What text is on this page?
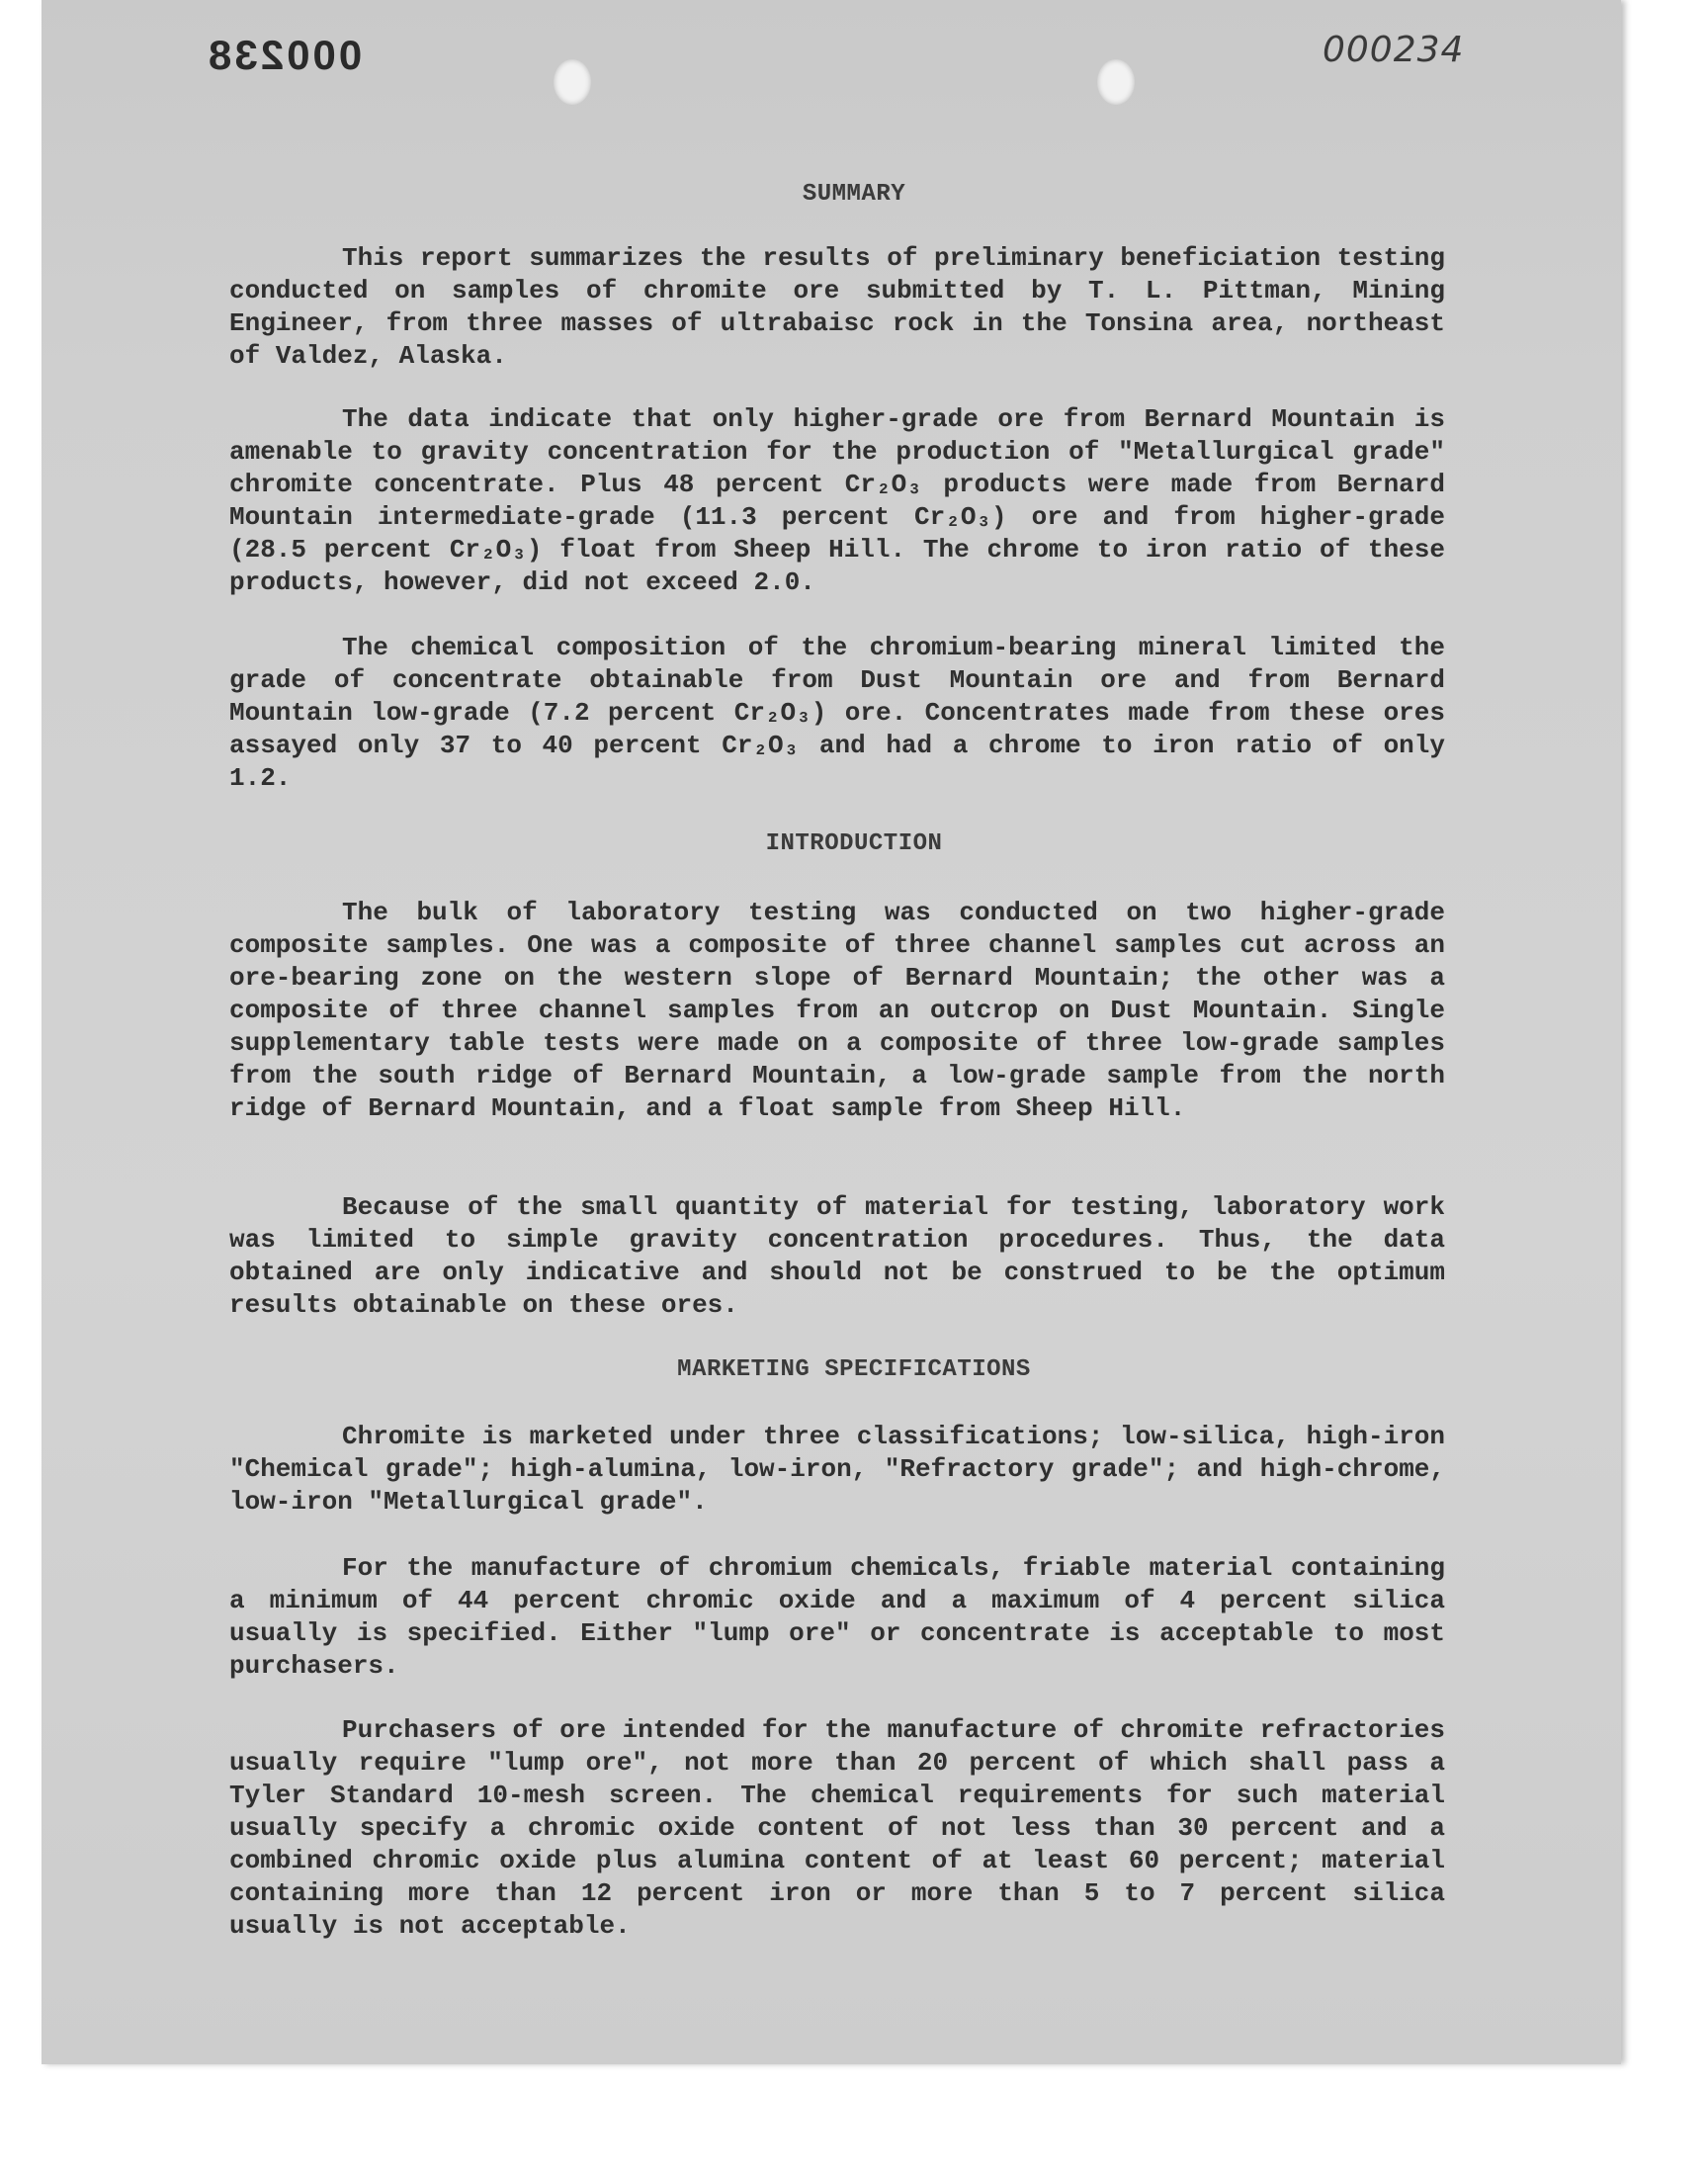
000238	000234
SUMMARY
This report summarizes the results of preliminary beneficiation testing conducted on samples of chromite ore submitted by T. L. Pittman, Mining Engineer, from three masses of ultrabaisc rock in the Tonsina area, northeast of Valdez, Alaska.
The data indicate that only higher-grade ore from Bernard Mountain is amenable to gravity concentration for the production of "Metallurgical grade" chromite concentrate. Plus 48 percent Cr₂O₃ products were made from Bernard Mountain intermediate-grade (11.3 percent Cr₂O₃) ore and from higher-grade (28.5 percent Cr₂O₃) float from Sheep Hill. The chrome to iron ratio of these products, however, did not exceed 2.0.
The chemical composition of the chromium-bearing mineral limited the grade of concentrate obtainable from Dust Mountain ore and from Bernard Mountain low-grade (7.2 percent Cr₂O₃) ore. Concentrates made from these ores assayed only 37 to 40 percent Cr₂O₃ and had a chrome to iron ratio of only 1.2.
INTRODUCTION
The bulk of laboratory testing was conducted on two higher-grade composite samples. One was a composite of three channel samples cut across an ore-bearing zone on the western slope of Bernard Mountain; the other was a composite of three channel samples from an outcrop on Dust Mountain. Single supplementary table tests were made on a composite of three low-grade samples from the south ridge of Bernard Mountain, a low-grade sample from the north ridge of Bernard Mountain, and a float sample from Sheep Hill.
Because of the small quantity of material for testing, laboratory work was limited to simple gravity concentration procedures. Thus, the data obtained are only indicative and should not be construed to be the optimum results obtainable on these ores.
MARKETING SPECIFICATIONS
Chromite is marketed under three classifications; low-silica, high-iron "Chemical grade"; high-alumina, low-iron, "Refractory grade"; and high-chrome, low-iron "Metallurgical grade".
For the manufacture of chromium chemicals, friable material containing a minimum of 44 percent chromic oxide and a maximum of 4 percent silica usually is specified. Either "lump ore" or concentrate is acceptable to most purchasers.
Purchasers of ore intended for the manufacture of chromite refractories usually require "lump ore", not more than 20 percent of which shall pass a Tyler Standard 10-mesh screen. The chemical requirements for such material usually specify a chromic oxide content of not less than 30 percent and a combined chromic oxide plus alumina content of at least 60 percent; material containing more than 12 percent iron or more than 5 to 7 percent silica usually is not acceptable.
